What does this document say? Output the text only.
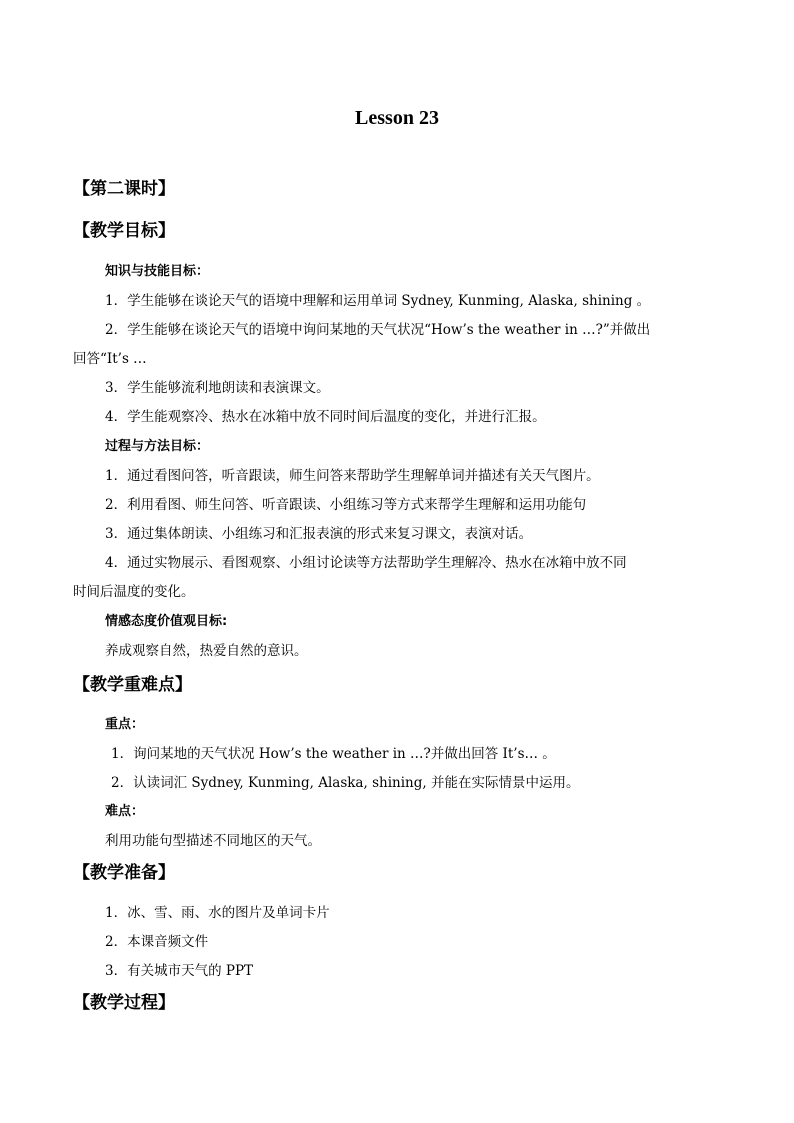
Lesson 23
【第二课时】
【教学目标】
知识与技能目标：
1．学生能够在谈论天气的语境中理解和运用单词 Sydney, Kunming, Alaska, shining 。
2．学生能够在谈论天气的语境中询问某地的天气状况“How’s the weather in …?”并做出
回答“It’s …
3．学生能够流利地朗读和表演课文。
4．学生能观察冷、热水在冰箱中放不同时间后温度的变化，并进行汇报。
过程与方法目标：
1．通过看图问答，听音跟读，师生问答来帮助学生理解单词并描述有关天气图片。
2．利用看图、师生问答、听音跟读、小组练习等方式来帮学生理解和运用功能句
3．通过集体朗读、小组练习和汇报表演的形式来复习课文，表演对话。
4．通过实物展示、看图观察、小组讨论读等方法帮助学生理解冷、热水在冰箱中放不同
时间后温度的变化。
情感态度价值观目标:
养成观察自然，热爱自然的意识。
【教学重难点】
重点：
1．询问某地的天气状况 How’s the weather in …?并做出回答 It’s… 。
2．认读词汇 Sydney, Kunming, Alaska, shining, 并能在实际情景中运用。
难点：
利用功能句型描述不同地区的天气。
【教学准备】
1．冰、雪、雨、水的图片及单词卡片
2．本课音频文件
3．有关城市天气的 PPT
【教学过程】
